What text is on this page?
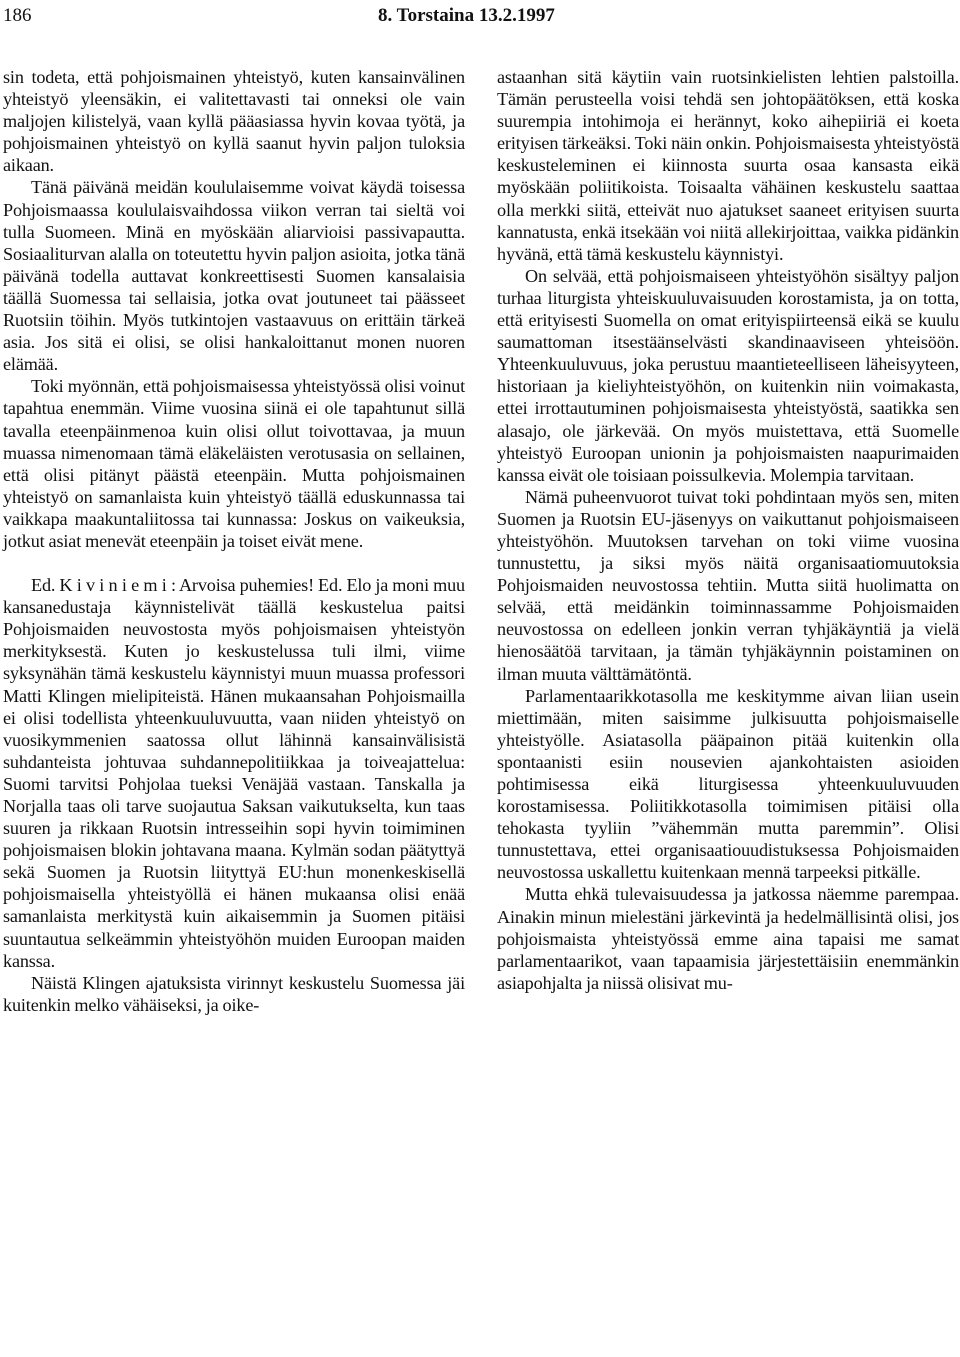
186	8. Torstaina 13.2.1997

sin todeta, että pohjoismainen yhteistyö, kuten kansainvälinen yhteistyö yleensäkin, ei valitettavasti tai onneksi ole vain maljojen kilistelyä, vaan kyllä pääasiassa hyvin kovaa työtä, ja pohjoismainen yhteistyö on kyllä saanut hyvin paljon tuloksia aikaan.

Tänä päivänä meidän koululaisemme voivat käydä toisessa Pohjoismaassa koululaisvaihdossa viikon verran tai sieltä voi tulla Suomeen. Minä en myöskään aliarvioisi passivapautta. Sosiaaliturvan alalla on toteutettu hyvin paljon asioita, jotka tänä päivänä todella auttavat konkreettisesti Suomen kansalaisia täällä Suomessa tai sellaisia, jotka ovat joutuneet tai päässeet Ruotsiin töihin. Myös tutkintojen vastaavuus on erittäin tärkeä asia. Jos sitä ei olisi, se olisi hankaloittanut monen nuoren elämää.

Toki myönnän, että pohjoismaisessa yhteistyössä olisi voinut tapahtua enemmän. Viime vuosina siinä ei ole tapahtunut sillä tavalla eteenpäinmenoa kuin olisi ollut toivottavaa, ja muun muassa nimenomaan tämä eläkeläisten verotusasia on sellainen, että olisi pitänyt päästä eteenpäin. Mutta pohjoismainen yhteistyö on samanlaista kuin yhteistyö täällä eduskunnassa tai vaikkapa maakuntaliitossa tai kunnassa: Joskus on vaikeuksia, jotkut asiat menevät eteenpäin ja toiset eivät mene.

Ed. Kiviniemi: Arvoisa puhemies! Ed. Elo ja moni muu kansanedustaja käynnistelivät täällä keskustelua paitsi Pohjoismaiden neuvostosta myös pohjoismaisen yhteistyön merkityksestä. Kuten jo keskustelussa tuli ilmi, viime syksynähän tämä keskustelu käynnistyi muun muassa professori Matti Klingen mielipiteistä. Hänen mukaansahan Pohjoismailla ei olisi todellista yhteenkuuluvuutta, vaan niiden yhteistyö on vuosikymmenien saatossa ollut lähinnä kansainvälisistä suhdanteista johtuvaa suhdannepolitiikkaa ja toiveajattelua: Suomi tarvitsi Pohjolaa tueksi Venäjää vastaan. Tanskalla ja Norjalla taas oli tarve suojautua Saksan vaikutukselta, kun taas suuren ja rikkaan Ruotsin intresseihin sopi hyvin toimiminen pohjoismaisen blokin johtavana maana. Kylmän sodan päätyttyä sekä Suomen ja Ruotsin liityttyä EU:hun monenkeskisellä pohjoismaisella yhteistyöllä ei hänen mukaansa olisi enää samanlaista merkitystä kuin aikaisemmin ja Suomen pitäisi suuntautua selkeämmin yhteistyöhön muiden Euroopan maiden kanssa.

Näistä Klingen ajatuksista virinnyt keskustelu Suomessa jäi kuitenkin melko vähäiseksi, ja oike-

astaanhan sitä käytiin vain ruotsinkielisten lehtien palstoilla. Tämän perusteella voisi tehdä sen johtopäätöksen, että koska suurempia intohimoja ei herännyt, koko aihepiiriä ei koeta erityisen tärkeäksi. Toki näin onkin. Pohjoismaisesta yhteistyöstä keskusteleminen ei kiinnosta suurta osaa kansasta eikä myöskään poliitikoista. Toisaalta vähäinen keskustelu saattaa olla merkki siitä, etteivät nuo ajatukset saaneet erityisen suurta kannatusta, enkä itsekään voi niitä allekirjoittaa, vaikka pidänkin hyvänä, että tämä keskustelu käynnistyi.

On selvää, että pohjoismaiseen yhteistyöhön sisältyy paljon turhaa liturgista yhteiskuuluvaisuuden korostamista, ja on totta, että erityisesti Suomella on omat erityispiirteensä eikä se kuulu saumattoman itsestäänselvästi skandinaaviseen yhteisöön. Yhteenkuuluvuus, joka perustuu maantieteelliseen läheisyyteen, historiaan ja kieliyhteistyöhön, on kuitenkin niin voimakasta, ettei irrottautuminen pohjoismaisesta yhteistyöstä, saatikka sen alasajo, ole järkevää. On myös muistettava, että Suomelle yhteistyö Euroopan unionin ja pohjoismaisten naapurimaiden kanssa eivät ole toisiaan poissulkevia. Molempia tarvitaan.

Nämä puheenvuorot tuivat toki pohdintaan myös sen, miten Suomen ja Ruotsin EU-jäsenyys on vaikuttanut pohjoismaiseen yhteistyöhön. Muutoksen tarvehan on toki viime vuosina tunnustettu, ja siksi myös näitä organisaatiomuutoksia Pohjoismaiden neuvostossa tehtiin. Mutta siitä huolimatta on selvää, että meidänkin toiminnassamme Pohjoismaiden neuvostossa on edelleen jonkin verran tyhjäkäyntiä ja vielä hienosäätöä tarvitaan, ja tämän tyhjäkäynnin poistaminen on ilman muuta välttämätöntä.

Parlamentaarikkotasolla me keskitymme aivan liian usein miettimään, miten saisimme julkisuutta pohjoismaiselle yhteistyölle. Asiatasolla pääpainon pitää kuitenkin olla spontaanisti esiin nousevien ajankohtaisten asioiden pohtimisessa eikä liturgisessa yhteenkuuluvuuden korostamisessa. Poliitikkotasolla toimimisen pitäisi olla tehokasta tyyliin ”vähemmän mutta paremmin”. Olisi tunnustettava, ettei organisaatiouudistuksessa Pohjoismaiden neuvostossa uskallettu kuitenkaan mennä tarpeeksi pitkälle.

Mutta ehkä tulevaisuudessa ja jatkossa näemme parempaa. Ainakin minun mielestäni järkevintä ja hedelmällisintä olisi, jos pohjoismaista yhteistyössä emme aina tapaisi me samat parlamentaarikot, vaan tapaamisia järjestettäisiin enemmänkin asiapohjalta ja niissä olisivat mu-
